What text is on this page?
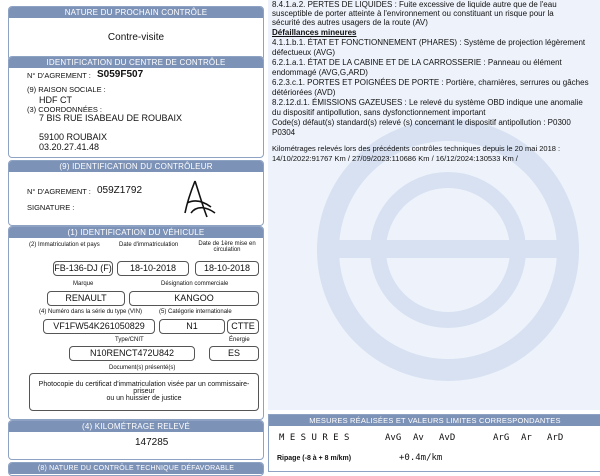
NATURE DU PROCHAIN CONTRÔLE
Contre-visite
IDENTIFICATION DU CENTRE DE CONTRÔLE
N° D'AGREMENT : S059F507
(9) RAISON SOCIALE :
HDF CT
(3) COORDONNÉES :
7 BIS RUE ISABEAU DE ROUBAIX
59100 ROUBAIX
03.20.27.41.48
(9) IDENTIFICATION DU CONTRÔLEUR
N° D'AGREMENT : 059Z1792
SIGNATURE :
(1) IDENTIFICATION DU VÉHICULE
(2) Immatriculation et pays	Date d'immatriculation	Date de 1ère mise en circulation
FB-136-DJ (F)	18-10-2018	18-10-2018
Marque	Désignation commerciale
RENAULT	KANGOO
(4) Numéro dans la série du type (VIN)	(5) Catégorie internationale
VF1FW54K261050829	N1	CTTE
Type/CNIT	Énergie
N10RENCT472U842	ES
Document(s) présenté(s)
Photocopie du certificat d'immatriculation visée par un commissaire-priseur
ou un huissier de justice
(4) KILOMÉTRAGE RELEVÉ
147285
(8) NATURE DU CONTRÔLE TECHNIQUE DÉFAVORABLE
8.4.1.a.2. PERTES DE LIQUIDES : Fuite excessive de liquide autre que de l'eau
susceptible de porter atteinte à l'environnement ou constituant un risque pour la
sécurité des autres usagers de la route (AV)
Défaillances mineures
4.1.1.b.1. ÉTAT ET FONCTIONNEMENT (PHARES) : Système de projection légèrement
défectueux (AVG)
6.2.1.a.1. ÉTAT DE LA CABINE ET DE LA CARROSSERIE : Panneau ou élément
endommagé (AVG,G,ARD)
6.2.3.c.1. PORTES ET POIGNÉES DE PORTE : Portière, charnières, serrures ou gâches
détériorées (AVD)
8.2.12.d.1. ÉMISSIONS GAZEUSES : Le relevé du système OBD indique une anomalie
du dispositif antipollution, sans dysfonctionnement important
Code(s) défaut(s) standard(s) relevé (s) concernant le dispositif antipollution : P0300
P0304
Kilométrages relevés lors des précédents contrôles techniques depuis le 20 mai 2018 :
14/10/2022:91767 Km / 27/09/2023:110686 Km / 16/12/2024:130533 Km /
MESURES RÉALISÉES ET VALEURS LIMITES CORRESPONDANTES
M E S U R E S	AvG Av AvD	ArG Ar ArD
Ripage (-8 à + 8 m/km)	+0.4m/km
